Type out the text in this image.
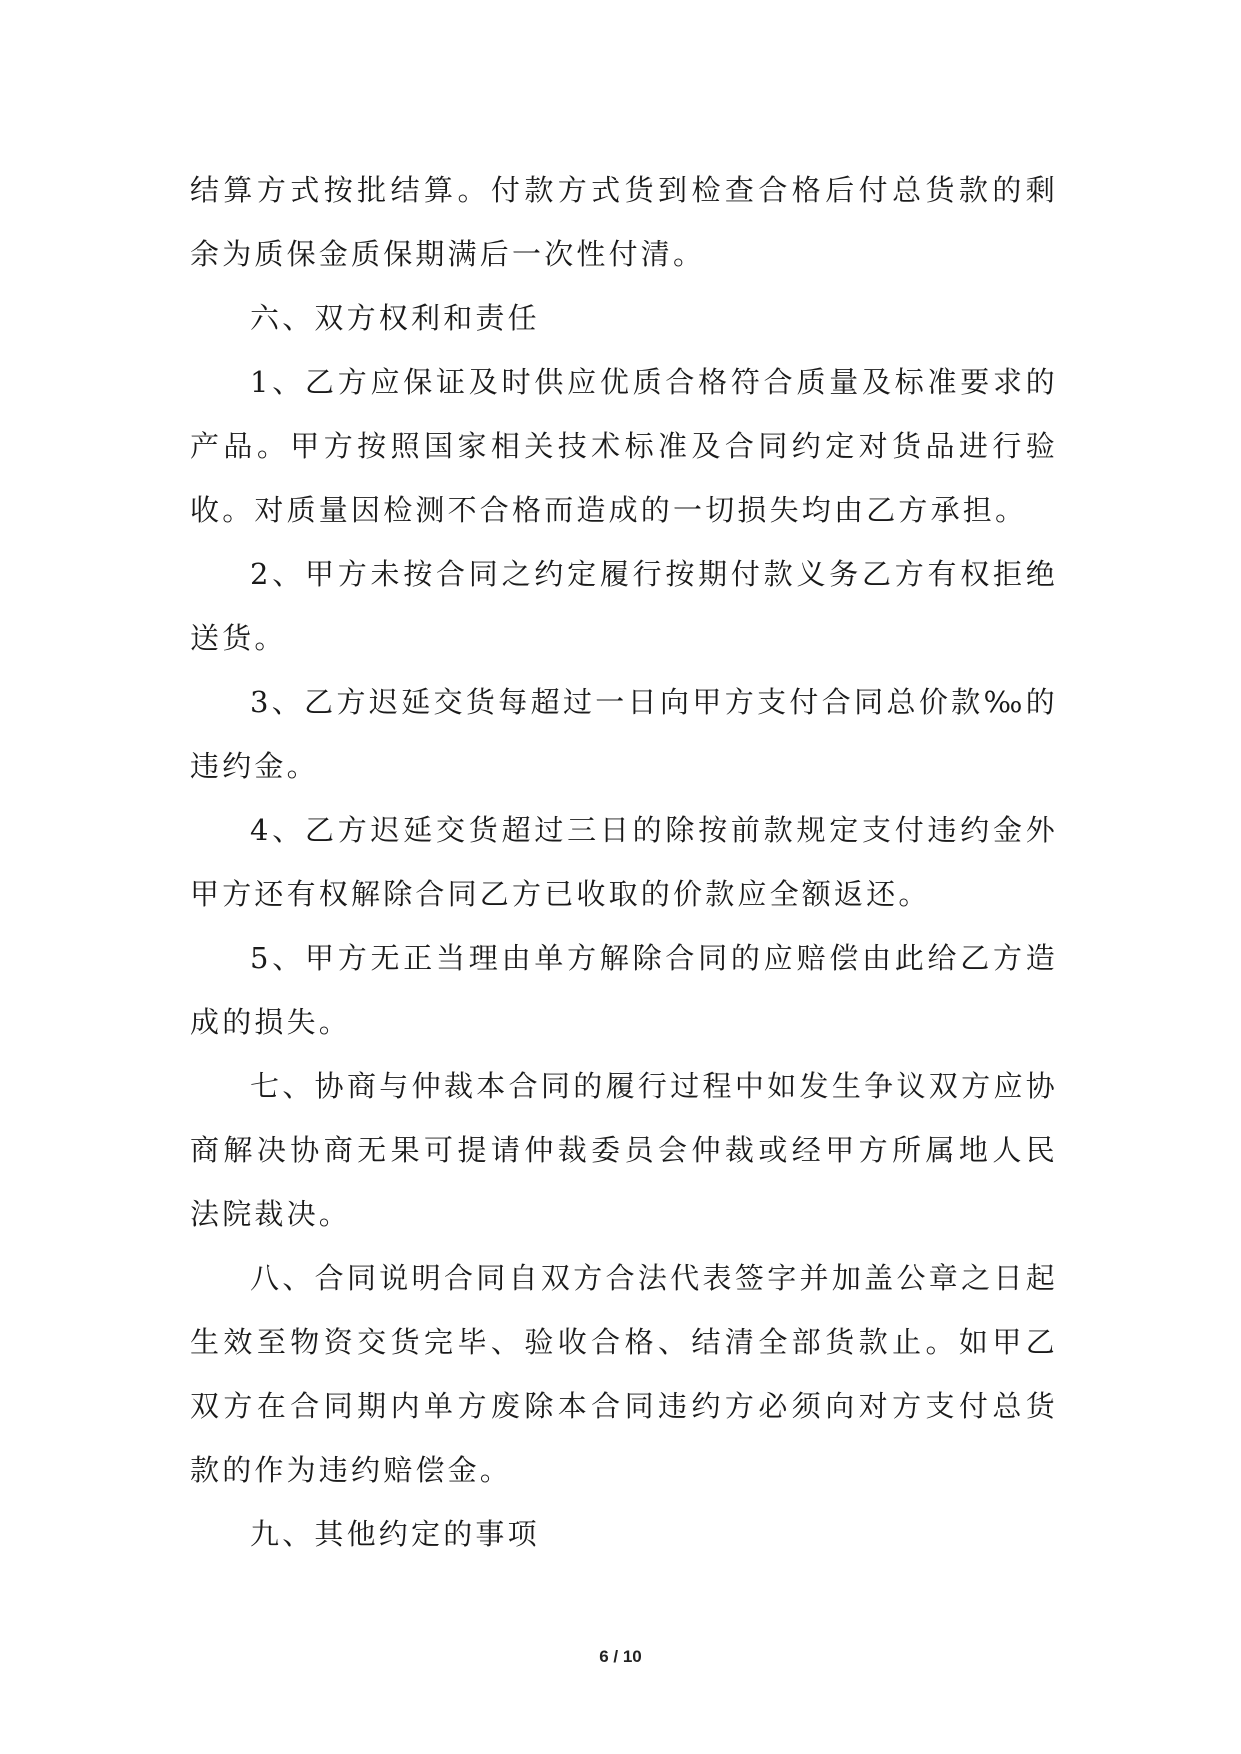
结算方式按批结算。付款方式货到检查合格后付总货款的剩余为质保金质保期满后一次性付清。

六、双方权利和责任

1、乙方应保证及时供应优质合格符合质量及标准要求的产品。甲方按照国家相关技术标准及合同约定对货品进行验收。对质量因检测不合格而造成的一切损失均由乙方承担。

2、甲方未按合同之约定履行按期付款义务乙方有权拒绝送货。

3、乙方迟延交货每超过一日向甲方支付合同总价款‰的违约金。

4、乙方迟延交货超过三日的除按前款规定支付违约金外甲方还有权解除合同乙方已收取的价款应全额返还。

5、甲方无正当理由单方解除合同的应赔偿由此给乙方造成的损失。

七、协商与仲裁本合同的履行过程中如发生争议双方应协商解决协商无果可提请仲裁委员会仲裁或经甲方所属地人民法院裁决。

八、合同说明合同自双方合法代表签字并加盖公章之日起生效至物资交货完毕、验收合格、结清全部货款止。如甲乙双方在合同期内单方废除本合同违约方必须向对方支付总货款的作为违约赔偿金。

九、其他约定的事项

6 / 10
